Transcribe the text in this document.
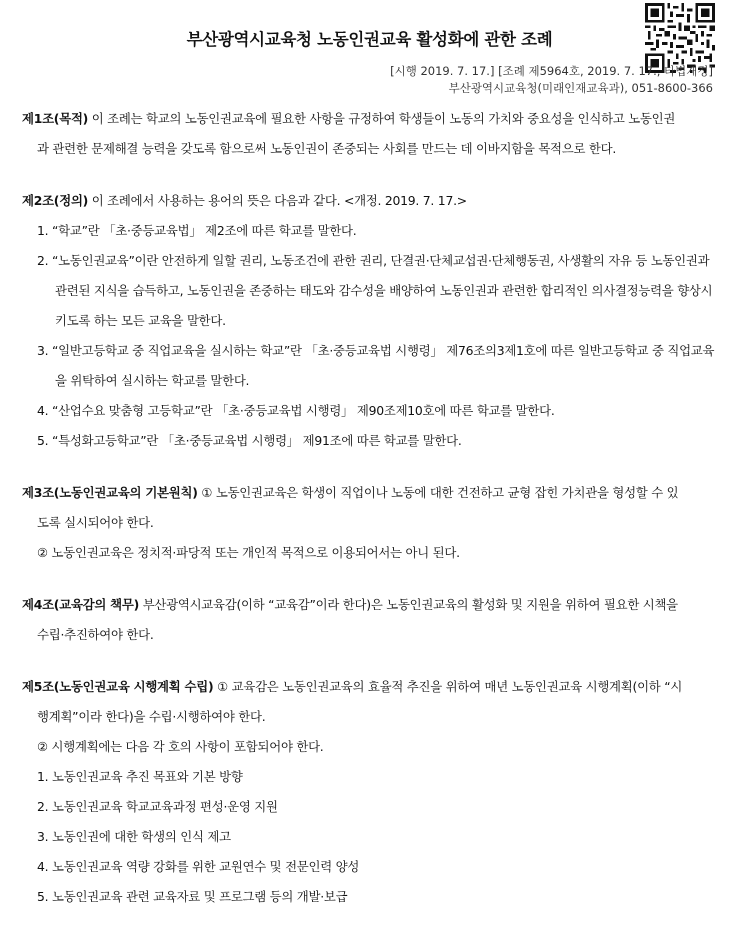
부산광역시교육청 노동인권교육 활성화에 관한 조례
[시행 2019. 7. 17.] [조례 제5964호, 2019. 7. 17., 타법개정]
부산광역시교육청(미래인재교육과), 051-8600-366
제1조(목적) 이 조례는 학교의 노동인권교육에 필요한 사항을 규정하여 학생들이 노동의 가치와 중요성을 인식하고 노동인권
과 관련한 문제해결 능력을 갖도록 함으로써 노동인권이 존중되는 사회를 만드는 데 이바지함을 목적으로 한다.
제2조(정의) 이 조례에서 사용하는 용어의 뜻은 다음과 같다. <개정. 2019. 7. 17.>
1. “학교”란 「초·중등교육법」 제2조에 따른 학교를 말한다.
2. “노동인권교육”이란 안전하게 일할 권리, 노동조건에 관한 권리, 단결권·단체교섭권·단체행동권, 사생활의 자유 등 노동인권과 관련된 지식을 습득하고, 노동인권을 존중하는 태도와 감수성을 배양하여 노동인권과 관련한 합리적인 의사결정능력을 향상시키도록 하는 모든 교육을 말한다.
3. “일반고등학교 중 직업교육을 실시하는 학교”란 「초·중등교육법 시행령」 제76조의3제1호에 따른 일반고등학교 중 직업교육을 위탁하여 실시하는 학교를 말한다.
4. “산업수요 맞춤형 고등학교”란 「초·중등교육법 시행령」 제90조제10호에 따른 학교를 말한다.
5. “특성화고등학교”란 「초·중등교육법 시행령」 제91조에 따른 학교를 말한다.
제3조(노동인권교육의 기본원칙) ① 노동인권교육은 학생이 직업이나 노동에 대한 건전하고 균형 잡힌 가치관을 형성할 수 있
도록 실시되어야 한다.
② 노동인권교육은 정치적·파당적 또는 개인적 목적으로 이용되어서는 아니 된다.
제4조(교육감의 책무) 부산광역시교육감(이하 “교육감”이라 한다)은 노동인권교육의 활성화 및 지원을 위하여 필요한 시책을
수립·추진하여야 한다.
제5조(노동인권교육 시행계획 수립) ① 교육감은 노동인권교육의 효율적 추진을 위하여 매년 노동인권교육 시행계획(이하 “시
행계획”이라 한다)을 수립·시행하여야 한다.
② 시행계획에는 다음 각 호의 사항이 포함되어야 한다.
1. 노동인권교육 추진 목표와 기본 방향
2. 노동인권교육 학교교육과정 편성·운영 지원
3. 노동인권에 대한 학생의 인식 제고
4. 노동인권교육 역량 강화를 위한 교원연수 및 전문인력 양성
5. 노동인권교육 관련 교육자료 및 프로그램 등의 개발·보급
